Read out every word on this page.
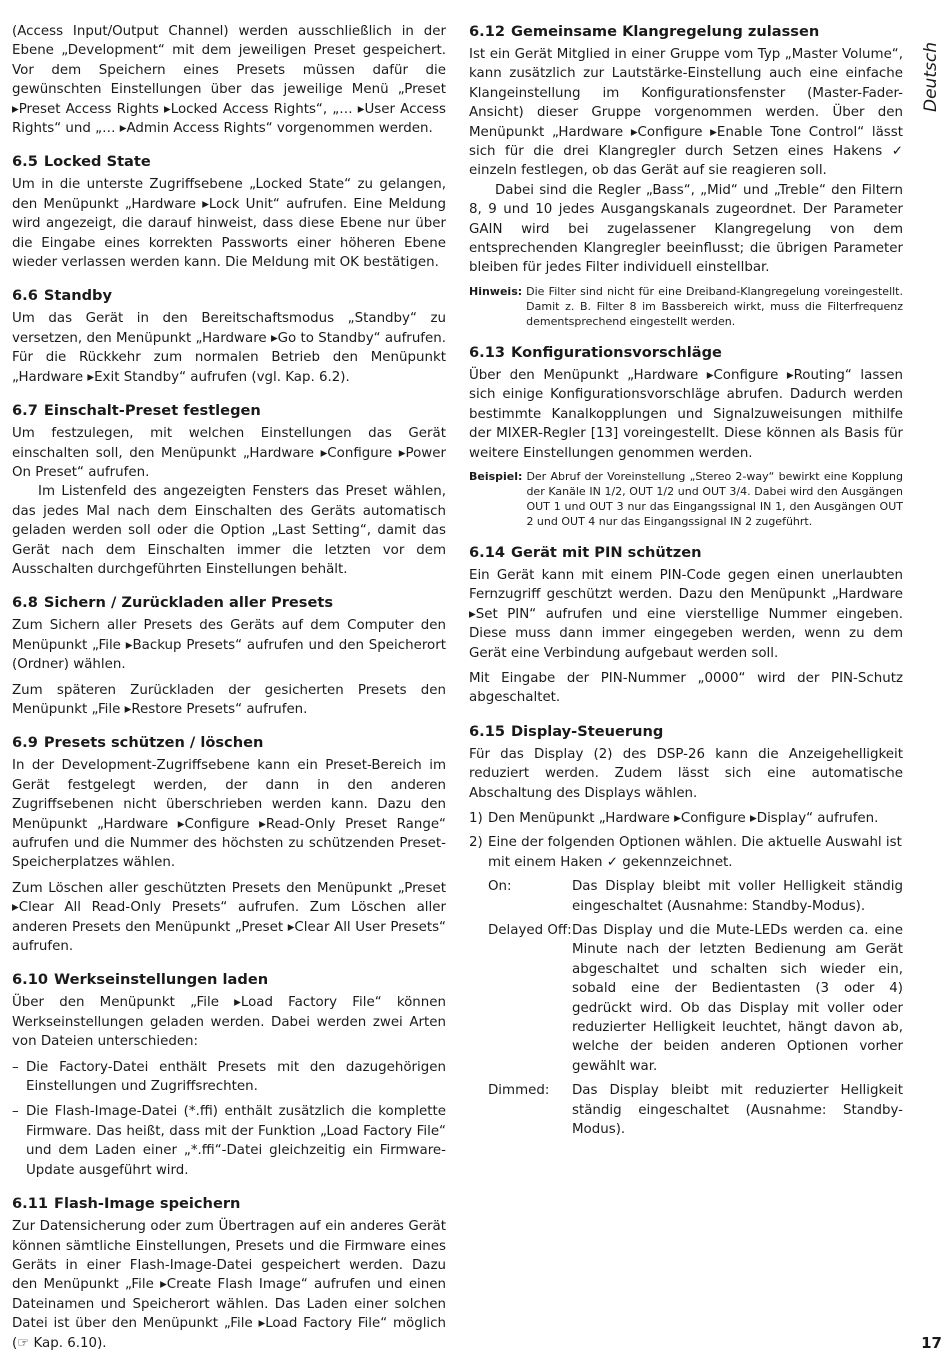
(Access Input/Output Channel) werden ausschließlich in der Ebene „Development“ mit dem jeweiligen Preset gespeichert. Vor dem Speichern eines Presets müssen dafür die gewünschten Einstellungen über das jeweilige Menü „Preset ▸Preset Access Rights ▸Locked Access Rights“, „… ▸User Access Rights“ und „… ▸Admin Access Rights“ vorgenommen werden.

6.5 Locked State

Um in die unterste Zugriffsebene „Locked State“ zu gelangen, den Menüpunkt „Hardware ▸Lock Unit“ aufrufen. Eine Meldung wird angezeigt, die darauf hinweist, dass diese Ebene nur über die Eingabe eines korrekten Passworts einer höheren Ebene wieder verlassen werden kann. Die Meldung mit OK bestätigen.

6.6 Standby

Um das Gerät in den Bereitschaftsmodus „Standby“ zu versetzen, den Menüpunkt „Hardware ▸Go to Standby“ aufrufen. Für die Rückkehr zum normalen Betrieb den Menüpunkt „Hardware ▸Exit Standby“ aufrufen (vgl. Kap. 6.2).

6.7 Einschalt-Preset festlegen

Um festzulegen, mit welchen Einstellungen das Gerät einschalten soll, den Menüpunkt „Hardware ▸Configure ▸Power On Preset“ aufrufen.

Im Listenfeld des angezeigten Fensters das Preset wählen, das jedes Mal nach dem Einschalten des Geräts automatisch geladen werden soll oder die Option „Last Setting“, damit das Gerät nach dem Einschalten immer die letzten vor dem Ausschalten durchgeführten Einstellungen behält.

6.8 Sichern / Zurückladen aller Presets

Zum Sichern aller Presets des Geräts auf dem Computer den Menüpunkt „File ▸Backup Presets“ aufrufen und den Speicherort (Ordner) wählen.

Zum späteren Zurückladen der gesicherten Presets den Menüpunkt „File ▸Restore Presets“ aufrufen.

6.9 Presets schützen / löschen

In der Development-Zugriffsebene kann ein Preset-Bereich im Gerät festgelegt werden, der dann in den anderen Zugriffsebenen nicht überschrieben werden kann. Dazu den Menüpunkt „Hardware ▸Configure ▸Read-Only Preset Range“ aufrufen und die Nummer des höchsten zu schützenden Preset-Speicherplatzes wählen.

Zum Löschen aller geschützten Presets den Menüpunkt „Preset ▸Clear All Read-Only Presets“ aufrufen. Zum Löschen aller anderen Presets den Menüpunkt „Preset ▸Clear All User Presets“ aufrufen.

6.10 Werkseinstellungen laden

Über den Menüpunkt „File ▸Load Factory File“ können Werkseinstellungen geladen werden. Dabei werden zwei Arten von Dateien unterschieden:

– Die Factory-Datei enthält Presets mit den dazugehörigen Einstellungen und Zugriffsrechten.
– Die Flash-Image-Datei (*.ffi) enthält zusätzlich die komplette Firmware. Das heißt, dass mit der Funktion „Load Factory File“ und dem Laden einer „*.ffi“-Datei gleichzeitig ein Firmware-Update ausgeführt wird.
6.11 Flash-Image speichern

Zur Datensicherung oder zum Übertragen auf ein anderes Gerät können sämtliche Einstellungen, Presets und die Firmware eines Geräts in einer Flash-Image-Datei gespeichert werden. Dazu den Menüpunkt „File ▸Create Flash Image“ aufrufen und einen Dateinamen und Speicherort wählen. Das Laden einer solchen Datei ist über den Menüpunkt „File ▸Load Factory File“ möglich (☞ Kap. 6.10).

6.12 Gemeinsame Klangregelung zulassen

Ist ein Gerät Mitglied in einer Gruppe vom Typ „Master Volume“, kann zusätzlich zur Lautstärke-Einstellung auch eine einfache Klangeinstellung im Konfigurationsfenster (Master-Fader-Ansicht) dieser Gruppe vorgenommen werden. Über den Menüpunkt „Hardware ▸Configure ▸Enable Tone Control“ lässt sich für die drei Klangregler durch Setzen eines Hakens ✓ einzeln festlegen, ob das Gerät auf sie reagieren soll.

Dabei sind die Regler „Bass“, „Mid“ und „Treble“ den Filtern 8, 9 und 10 jedes Ausgangskanals zugeordnet. Der Parameter GAIN wird bei zugelassener Klangregelung von dem entsprechenden Klangregler beeinflusst; die übrigen Parameter bleiben für jedes Filter individuell einstellbar.

Hinweis: Die Filter sind nicht für eine Dreiband-Klangregelung voreingestellt. Damit z. B. Filter 8 im Bassbereich wirkt, muss die Filterfrequenz dementsprechend eingestellt werden.
6.13 Konfigurationsvorschläge

Über den Menüpunkt „Hardware ▸Configure ▸Routing“ lassen sich einige Konfigurationsvorschläge abrufen. Dadurch werden bestimmte Kanalkopplungen und Signalzuweisungen mithilfe der MIXER-Regler [13] voreingestellt. Diese können als Basis für weitere Einstellungen genommen werden.

Beispiel: Der Abruf der Voreinstellung „Stereo 2-way“ bewirkt eine Kopplung der Kanäle IN 1/2, OUT 1/2 und OUT 3/4. Dabei wird den Ausgängen OUT 1 und OUT 3 nur das Eingangssignal IN 1, den Ausgängen OUT 2 und OUT 4 nur das Eingangssignal IN 2 zugeführt.
6.14 Gerät mit PIN schützen

Ein Gerät kann mit einem PIN-Code gegen einen unerlaubten Fernzugriff geschützt werden. Dazu den Menüpunkt „Hardware ▸Set PIN“ aufrufen und eine vierstellige Nummer eingeben. Diese muss dann immer eingegeben werden, wenn zu dem Gerät eine Verbindung aufgebaut werden soll.

Mit Eingabe der PIN-Nummer „0000“ wird der PIN-Schutz abgeschaltet.

6.15 Display-Steuerung

Für das Display (2) des DSP-26 kann die Anzeigehelligkeit reduziert werden. Zudem lässt sich eine automatische Abschaltung des Displays wählen.

1) Den Menüpunkt „Hardware ▸Configure ▸Display“ aufrufen.
2) Eine der folgenden Optionen wählen. Die aktuelle Auswahl ist mit einem Haken ✓ gekennzeichnet.
On:	Das Display bleibt mit voller Helligkeit ständig eingeschaltet (Ausnahme: Standby-Modus).
Delayed Off: Das Display und die Mute-LEDs werden ca. eine Minute nach der letzten Bedienung am Gerät abgeschaltet und schalten sich wieder ein, sobald eine der Bedientasten (3 oder 4) gedrückt wird. Ob das Display mit voller oder reduzierter Helligkeit leuchtet, hängt davon ab, welche der beiden anderen Optionen vorher gewählt war.
Dimmed:	Das Display bleibt mit reduzierter Helligkeit ständig eingeschaltet (Ausnahme: Standby-Modus).
Deutsch
17
